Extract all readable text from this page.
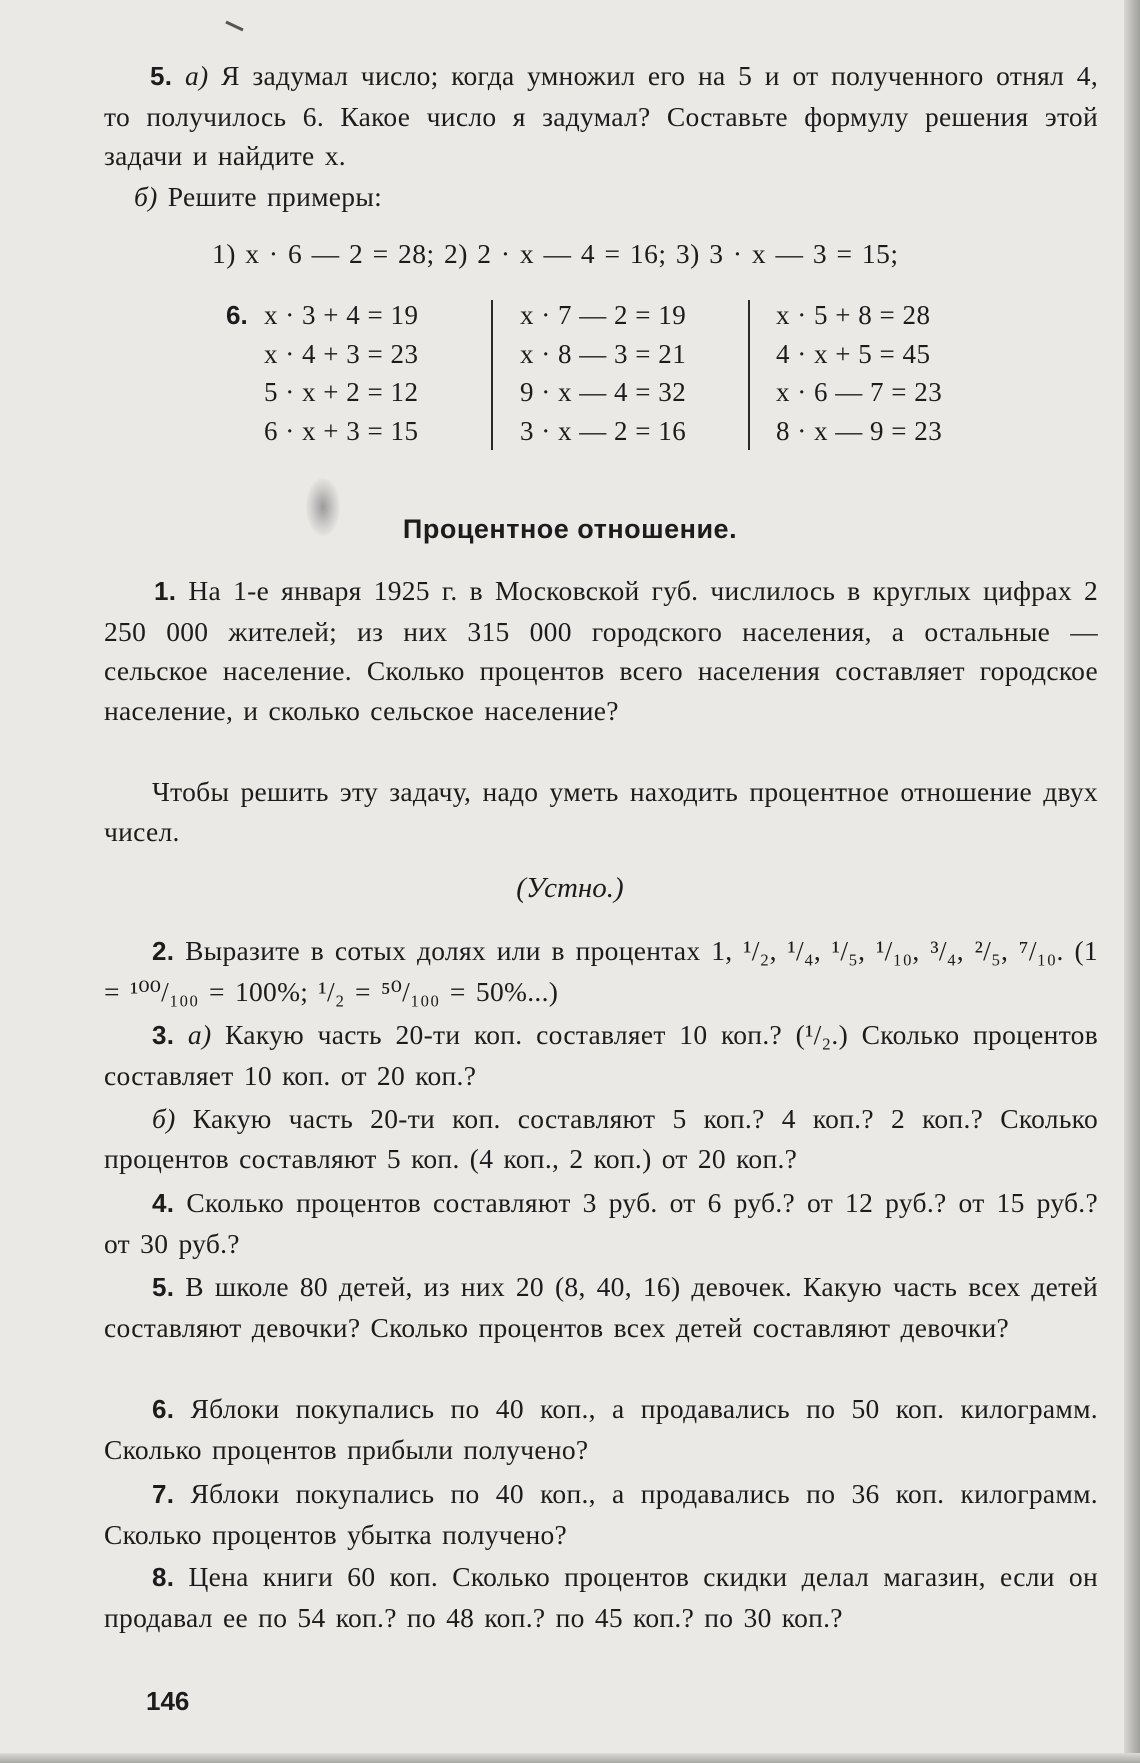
5. а) Я задумал число; когда умножил его на 5 и от полученного отнял 4, то получилось 6. Какое число я задумал? Составьте формулу решения этой задачи и найдите x.

б) Решите примеры:

1) x · 6 — 2 = 28; 2) 2 · x — 4 = 16; 3) 3 · x — 3 = 15;

6. x · 3 + 4 = 19
x · 4 + 3 = 23
5 · x + 2 = 12
6 · x + 3 = 15
x · 7 — 2 = 19
x · 8 — 3 = 21
9 · x — 4 = 32
3 · x — 2 = 16
x · 5 + 8 = 28
4 · x + 5 = 45
x · 6 — 7 = 23
8 · x — 9 = 23
Процентное отношение.

1. На 1-е января 1925 г. в Московской губ. числилось в круглых цифрах 2 250 000 жителей; из них 315 000 городского населения, а остальные — сельское население. Сколько процентов всего населения составляет городское население, и сколько сельское население?

Чтобы решить эту задачу, надо уметь находить процентное отношение двух чисел.

(Устно.)

2. Выразите в сотых долях или в процентах 1, ¹/₂, ¹/₄, ¹/₅, ¹/₁₀, ³/₄, ²/₅, ⁷/₁₀. (1 = ¹⁰⁰/₁₀₀ = 100%; ¹/₂ = ⁵⁰/₁₀₀ = 50%...)

3. а) Какую часть 20-ти коп. составляет 10 коп.? (¹/₂.) Сколько процентов составляет 10 коп. от 20 коп.?

б) Какую часть 20-ти коп. составляют 5 коп.? 4 коп.? 2 коп.? Сколько процентов составляют 5 коп. (4 коп., 2 коп.) от 20 коп.?

4. Сколько процентов составляют 3 руб. от 6 руб.? от 12 руб.? от 15 руб.? от 30 руб.?

5. В школе 80 детей, из них 20 (8, 40, 16) девочек. Какую часть всех детей составляют девочки? Сколько процентов всех детей составляют девочки?

6. Яблоки покупались по 40 коп., а продавались по 50 коп. килограмм. Сколько процентов прибыли получено?

7. Яблоки покупались по 40 коп., а продавались по 36 коп. килограмм. Сколько процентов убытка получено?

8. Цена книги 60 коп. Сколько процентов скидки делал магазин, если он продавал ее по 54 коп.? по 48 коп.? по 45 коп.? по 30 коп.?

146
